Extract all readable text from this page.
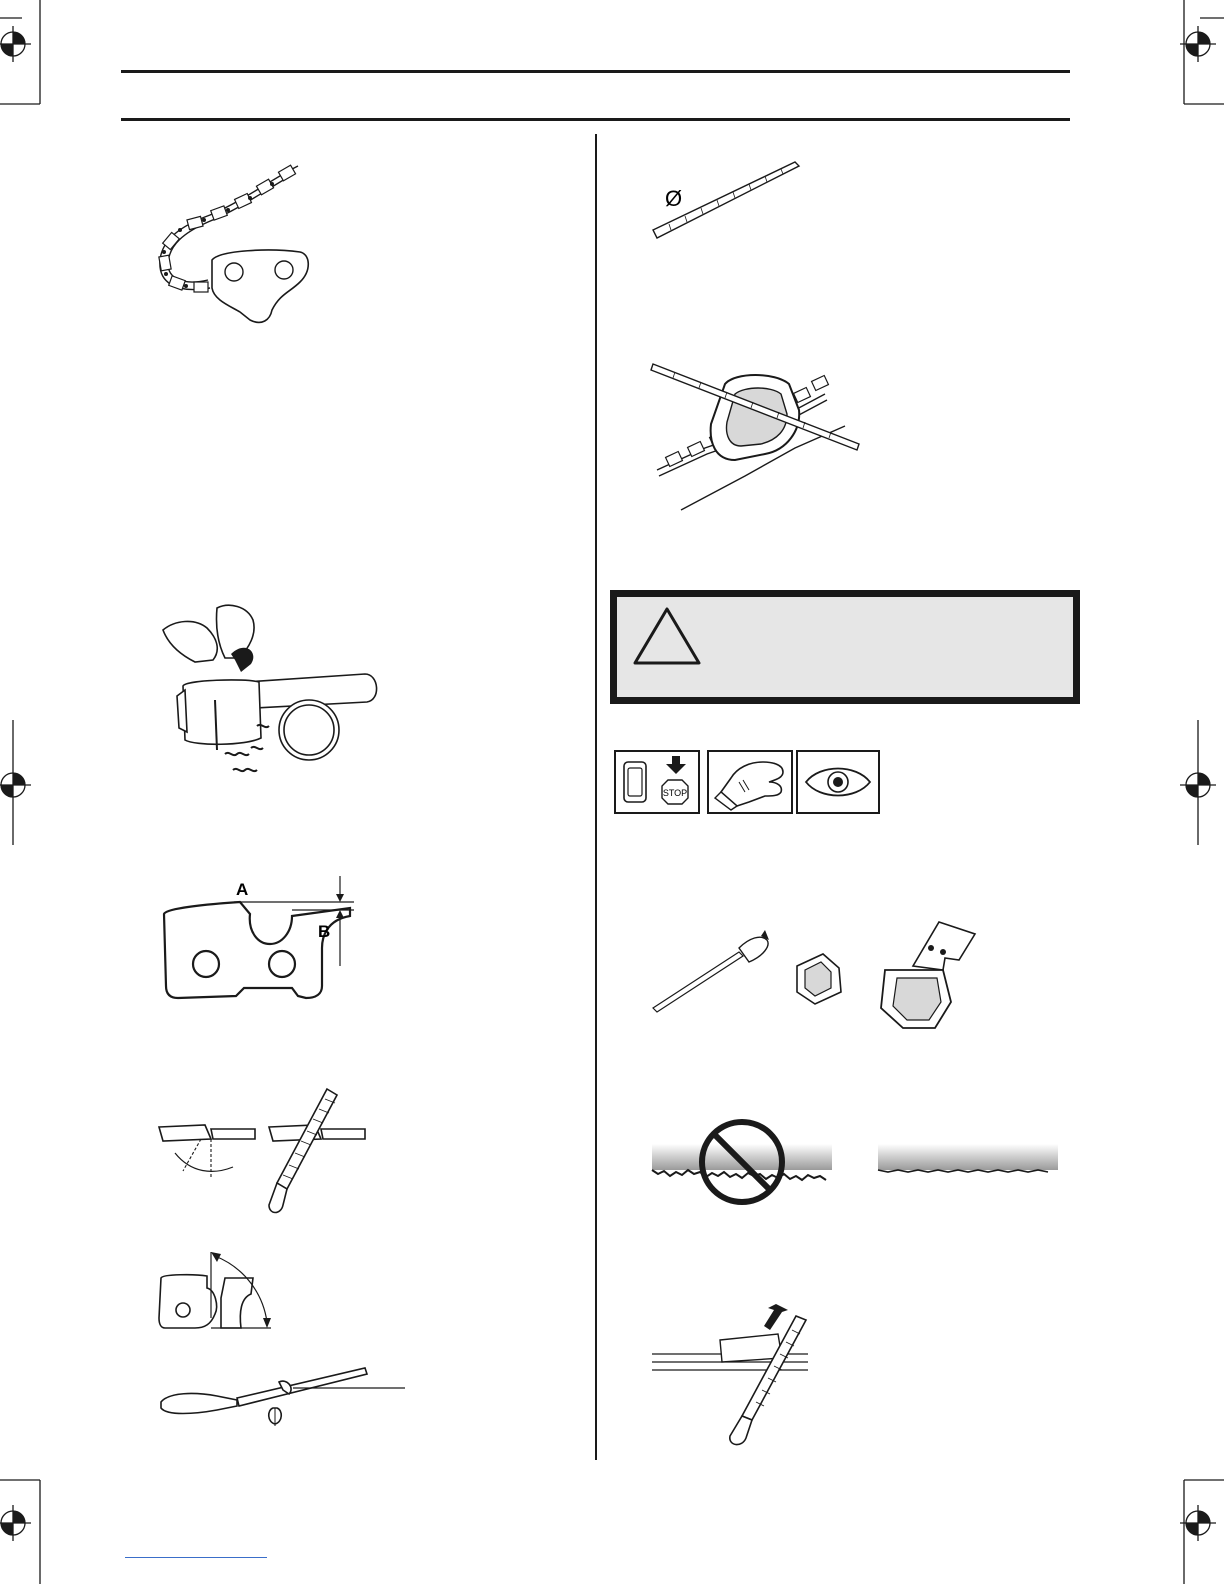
A
B
Ø
STOP
